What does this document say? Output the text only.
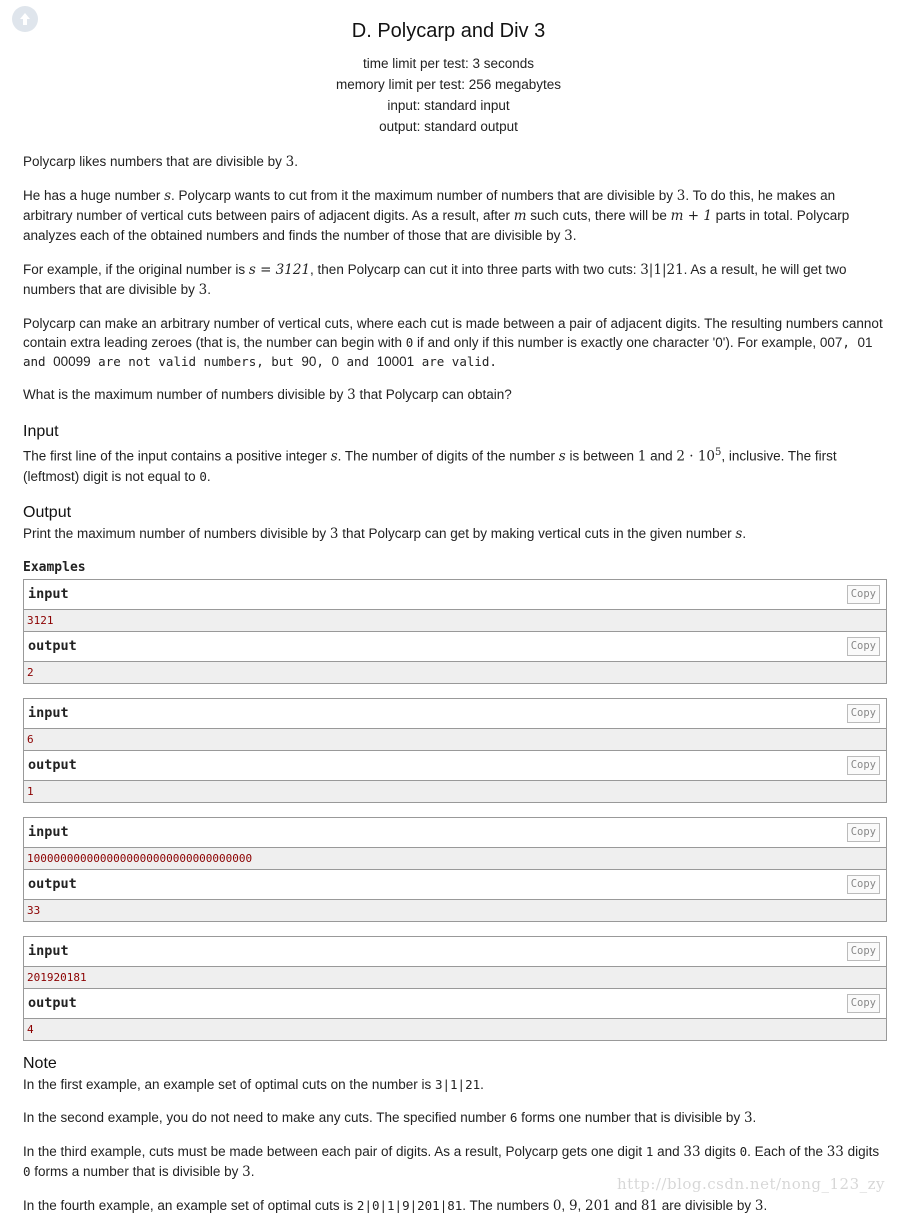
D. Polycarp and Div 3
time limit per test: 3 seconds
memory limit per test: 256 megabytes
input: standard input
output: standard output

Polycarp likes numbers that are divisible by 3.

He has a huge number s. Polycarp wants to cut from it the maximum number of numbers that are divisible by 3. To do this, he makes an arbitrary number of vertical cuts between pairs of adjacent digits. As a result, after m such cuts, there will be m + 1 parts in total. Polycarp analyzes each of the obtained numbers and finds the number of those that are divisible by 3.

For example, if the original number is s = 3121, then Polycarp can cut it into three parts with two cuts: 3|1|21. As a result, he will get two numbers that are divisible by 3.

Polycarp can make an arbitrary number of vertical cuts, where each cut is made between a pair of adjacent digits. The resulting numbers cannot contain extra leading zeroes (that is, the number can begin with 0 if and only if this number is exactly one character '0'). For example, 007, 01 and 00099 are not valid numbers, but 90, 0 and 10001 are valid.

What is the maximum number of numbers divisible by 3 that Polycarp can obtain?

Input

The first line of the input contains a positive integer s. The number of digits of the number s is between 1 and $2 \cdot 10^5$, inclusive. The first (leftmost) digit is not equal to 0.

Output

Print the maximum number of numbers divisible by 3 that Polycarp can get by making vertical cuts in the given number s.

Examples
input	Copy
3121
output	Copy
2
input	Copy
6
output	Copy
1
input	Copy
1000000000000000000000000000000000
output	Copy
33
input	Copy
201920181
output	Copy
4
Note

In the first example, an example set of optimal cuts on the number is 3|1|21.

In the second example, you do not need to make any cuts. The specified number 6 forms one number that is divisible by 3.

In the third example, cuts must be made between each pair of digits. As a result, Polycarp gets one digit 1 and 33 digits 0. Each of the 33 digits 0 forms a number that is divisible by 3.

In the fourth example, an example set of optimal cuts is 2|0|1|9|201|81. The numbers 0, 9, 201 and 81 are divisible by 3.

http://blog.csdn.net/nong_123_zy
